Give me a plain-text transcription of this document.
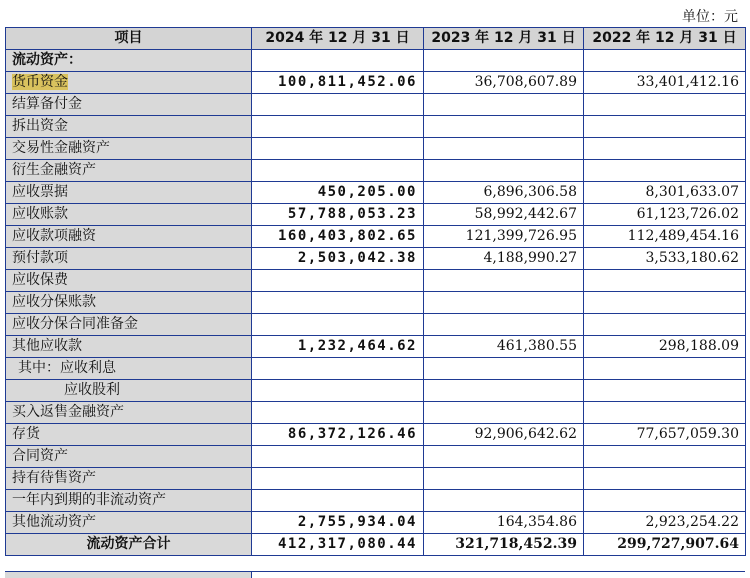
单位：元
项目	2024 年 12 月 31 日	2023 年 12 月 31 日	2022 年 12 月 31 日
流动资产：			
货币资金	100,811,452.06	36,708,607.89	33,401,412.16
结算备付金			
拆出资金			
交易性金融资产			
衍生金融资产			
应收票据	450,205.00	6,896,306.58	8,301,633.07
应收账款	57,788,053.23	58,992,442.67	61,123,726.02
应收款项融资	160,403,802.65	121,399,726.95	112,489,454.16
预付款项	2,503,042.38	4,188,990.27	3,533,180.62
应收保费			
应收分保账款			
应收分保合同准备金			
其他应收款	1,232,464.62	461,380.55	298,188.09
其中：应收利息			
应收股利			
买入返售金融资产			
存货	86,372,126.46	92,906,642.62	77,657,059.30
合同资产			
持有待售资产			
一年内到期的非流动资产			
其他流动资产	2,755,934.04	164,354.86	2,923,254.22
流动资产合计	412,317,080.44	321,718,452.39	299,727,907.64
